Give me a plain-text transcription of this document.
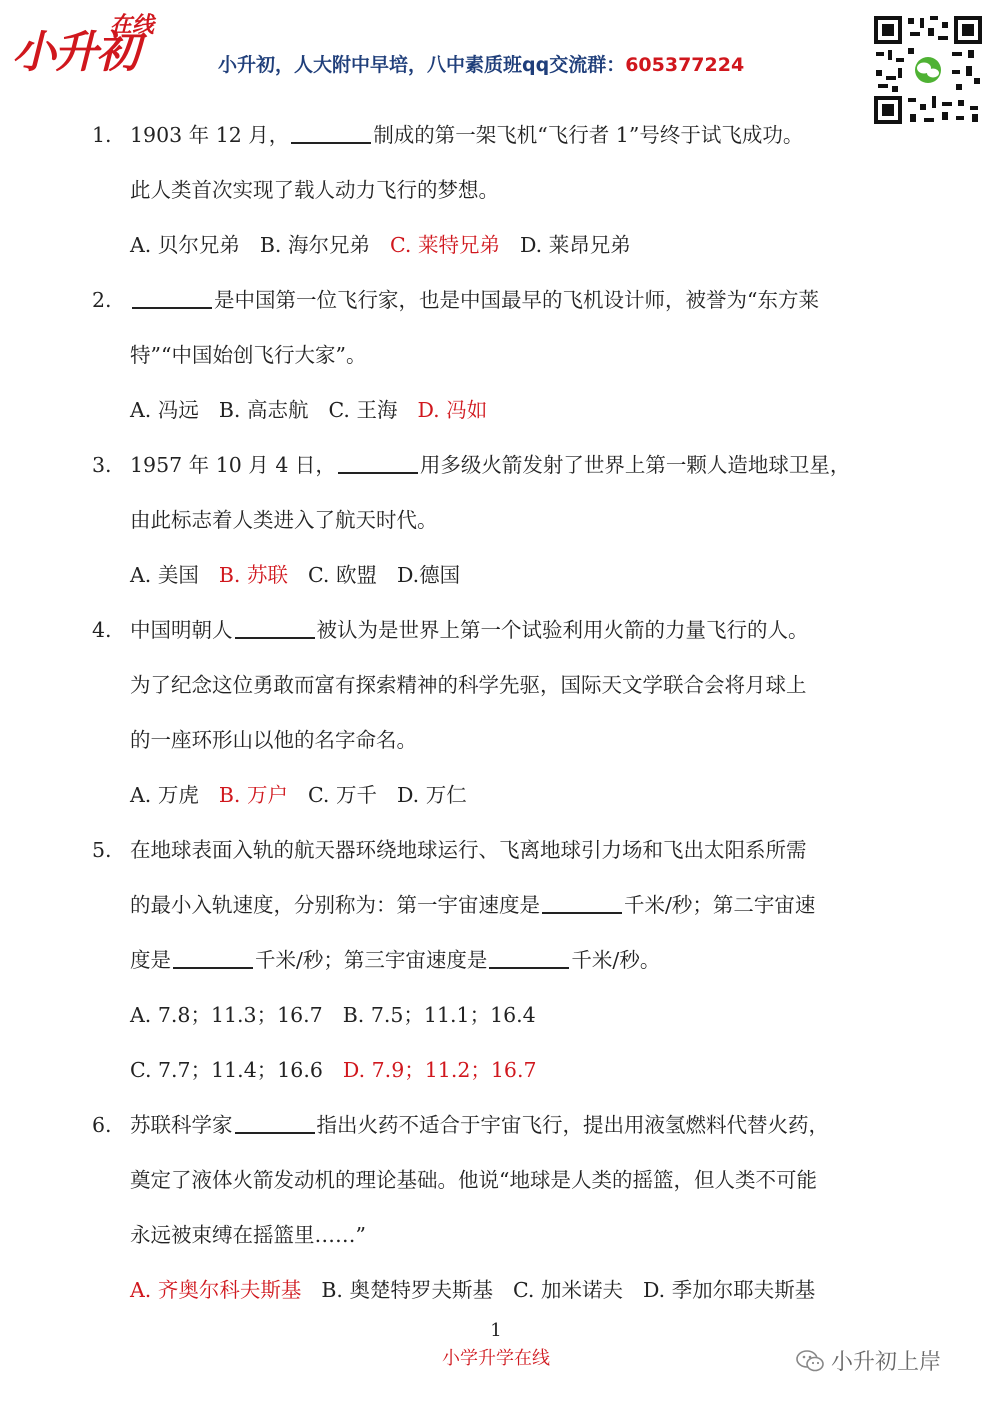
小升初
在线
小升初，人大附中早培，八中素质班qq交流群：605377224
1. 1903 年 12 月，	制成的第一架飞机“飞行者 1”号终于试飞成功。
此人类首次实现了载人动力飞行的梦想。
A. 贝尔兄弟 B. 海尔兄弟 C. 莱特兄弟 D. 莱昂兄弟
2.	是中国第一位飞行家，也是中国最早的飞机设计师，被誉为“东方莱
特”“中国始创飞行大家”。
A. 冯远 B. 高志航 C. 王海 D. 冯如
3. 1957 年 10 月 4 日，	用多级火箭发射了世界上第一颗人造地球卫星，
由此标志着人类进入了航天时代。
A. 美国 B. 苏联 C. 欧盟 D.德国
4. 中国明朝人	被认为是世界上第一个试验利用火箭的力量飞行的人。
为了纪念这位勇敢而富有探索精神的科学先驱，国际天文学联合会将月球上
的一座环形山以他的名字命名。
A. 万虎 B. 万户 C. 万千 D. 万仁
5. 在地球表面入轨的航天器环绕地球运行、飞离地球引力场和飞出太阳系所需
的最小入轨速度，分别称为：第一宇宙速度是	千米/秒；第二宇宙速
度是	千米/秒；第三宇宙速度是	千米/秒。
A. 7.8；11.3；16.7 B. 7.5；11.1；16.4
C. 7.7；11.4；16.6 D. 7.9；11.2；16.7
6. 苏联科学家	指出火药不适合于宇宙飞行，提出用液氢燃料代替火药，
奠定了液体火箭发动机的理论基础。他说“地球是人类的摇篮，但人类不可能
永远被束缚在摇篮里……”
A. 齐奥尔科夫斯基 B. 奥楚特罗夫斯基 C. 加米诺夫 D. 季加尔耶夫斯基
1
小学升学在线	小升初上岸
